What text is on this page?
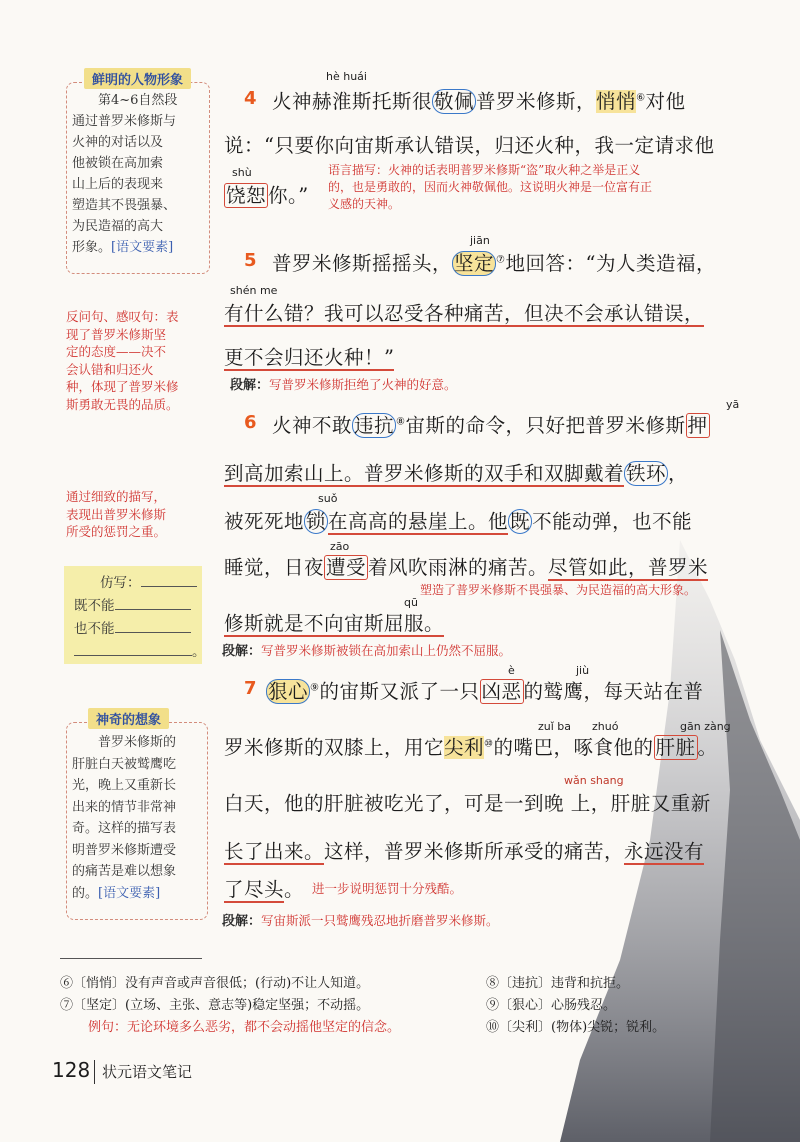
鲜明的人物形象
第4~6自然段
通过普罗米修斯与
火神的对话以及
他被锁在高加索
山上后的表现来
塑造其不畏强暴、
为民造福的高大
形象。[语文要素]
反问句、感叹句：表
现了普罗米修斯坚
定的态度——决不
会认错和归还火
种，体现了普罗米修
斯勇敢无畏的品质。
通过细致的描写，
表现出普罗米修斯
所受的惩罚之重。
仿写：
既不能
也不能
。
神奇的想象
普罗米修斯的
肝脏白天被鹫鹰吃
光，晚上又重新长
出来的情节非常神
奇。这样的描写表
明普罗米修斯遭受
的痛苦是难以想象
的。[语文要素]
4
hè huái
火神赫淮斯托斯很 敬佩 普罗米修斯，悄悄⑥对他
说：“只要你向宙斯承认错误，归还火种，我一定请求他
shù
饶恕 你。”
语言描写：火神的话表明普罗米修斯“盗”取火种之举是正义
的，也是勇敢的，因而火神敬佩他。这说明火神是一位富有正
义感的天神。
5
jiān
普罗米修斯摇摇头， 坚定 ⑦地回答：“为人类造福，
shén me
有什么错？我可以忍受各种痛苦，但决不会承认错误，
更不会归还火种！”
段解：写普罗米修斯拒绝了火神的好意。
6
yā
火神不敢 违抗 ⑧宙斯的命令，只好把普罗米修斯 押
到高加索山上。普罗米修斯的双手和双脚戴着 铁环 ，
suǒ
被死死地 锁 在高高的悬崖上。他 既 不能动弹，也不能
zāo
睡觉，日夜 遭受 着风吹雨淋的痛苦。尽管如此，普罗米
塑造了普罗米修斯不畏强暴、为民造福的高大形象。
qū
修斯就是不向宙斯屈服。
段解：写普罗米修斯被锁在高加索山上仍然不屈服。
7
è	jiù
狠心 ⑨的宙斯又派了一只 凶恶 的鹫鹰，每天站在普
zuǐ ba zhuó	gān zàng
罗米修斯的双膝上，用它尖利⑩的嘴巴，啄食他的 肝脏 。
wǎn shang
白天，他的肝脏被吃光了，可是一到晚 上，肝脏又重新
长了出来。这样，普罗米修斯所承受的痛苦，永远没有
了尽头。 进一步说明惩罚十分残酷。
段解：写宙斯派一只鹫鹰残忍地折磨普罗米修斯。
⑥〔悄悄〕没有声音或声音很低；(行动)不让人知道。
⑦〔坚定〕(立场、主张、意志等)稳定坚强；不动摇。
例句：无论环境多么恶劣，都不会动摇他坚定的信念。
⑧〔违抗〕违背和抗拒。
⑨〔狠心〕心肠残忍。
⑩〔尖利〕(物体)尖锐；锐利。
128 状元语文笔记
